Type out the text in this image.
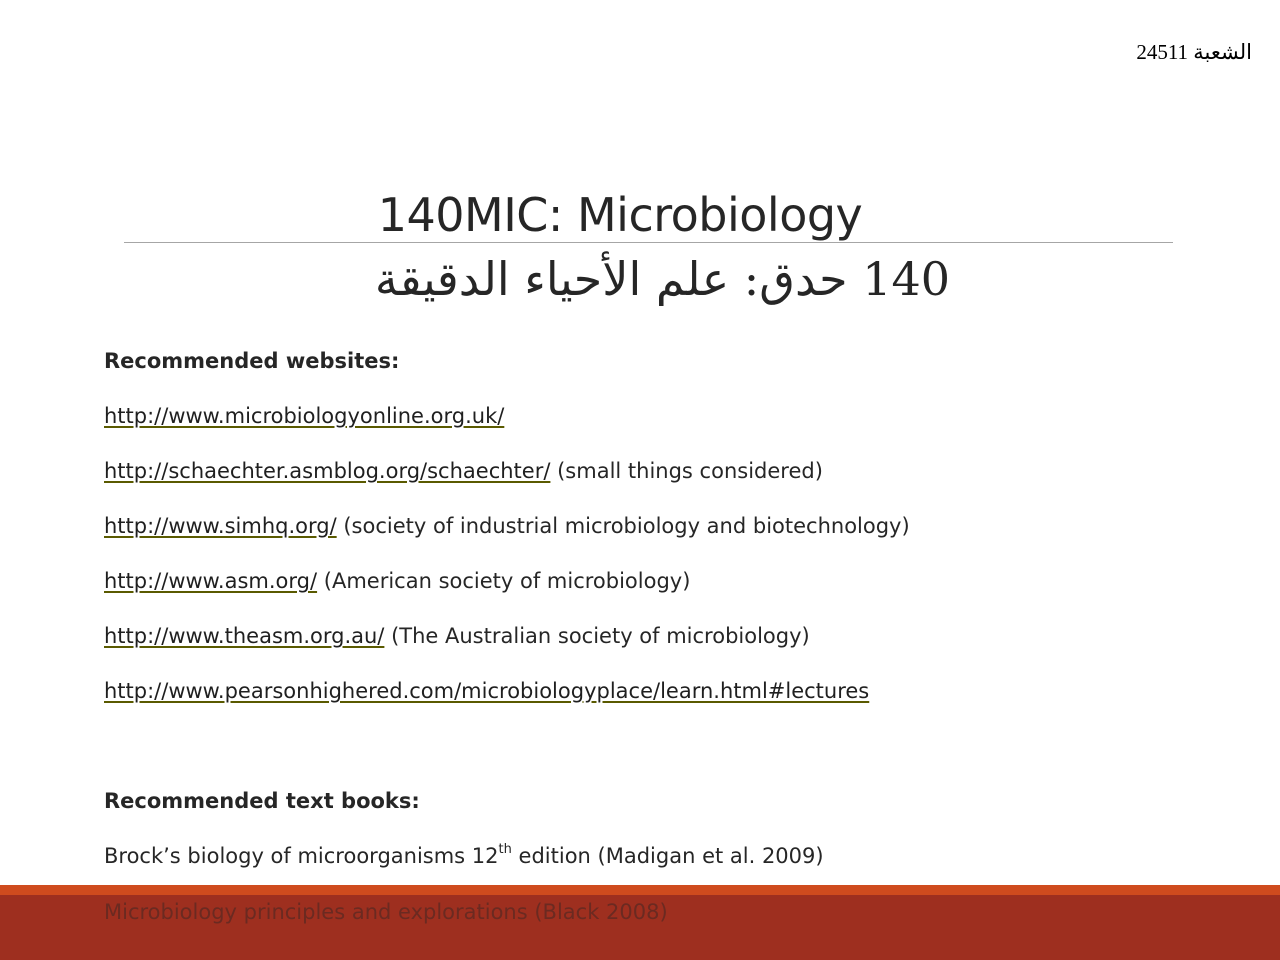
الشعبة 24511
140MIC: Microbiology
140 حدق: علم الأحياء الدقيقة
Recommended websites:
http://www.microbiologyonline.org.uk/
http://schaechter.asmblog.org/schaechter/ (small things considered)
http://www.simhq.org/ (society of industrial microbiology and biotechnology)
http://www.asm.org/ (American society of microbiology)
http://www.theasm.org.au/ (The Australian society of microbiology)
http://www.pearsonhighered.com/microbiologyplace/learn.html#lectures
Recommended text books:
Brock’s biology of microorganisms 12th edition (Madigan et al. 2009)
Microbiology principles and explorations (Black 2008)
